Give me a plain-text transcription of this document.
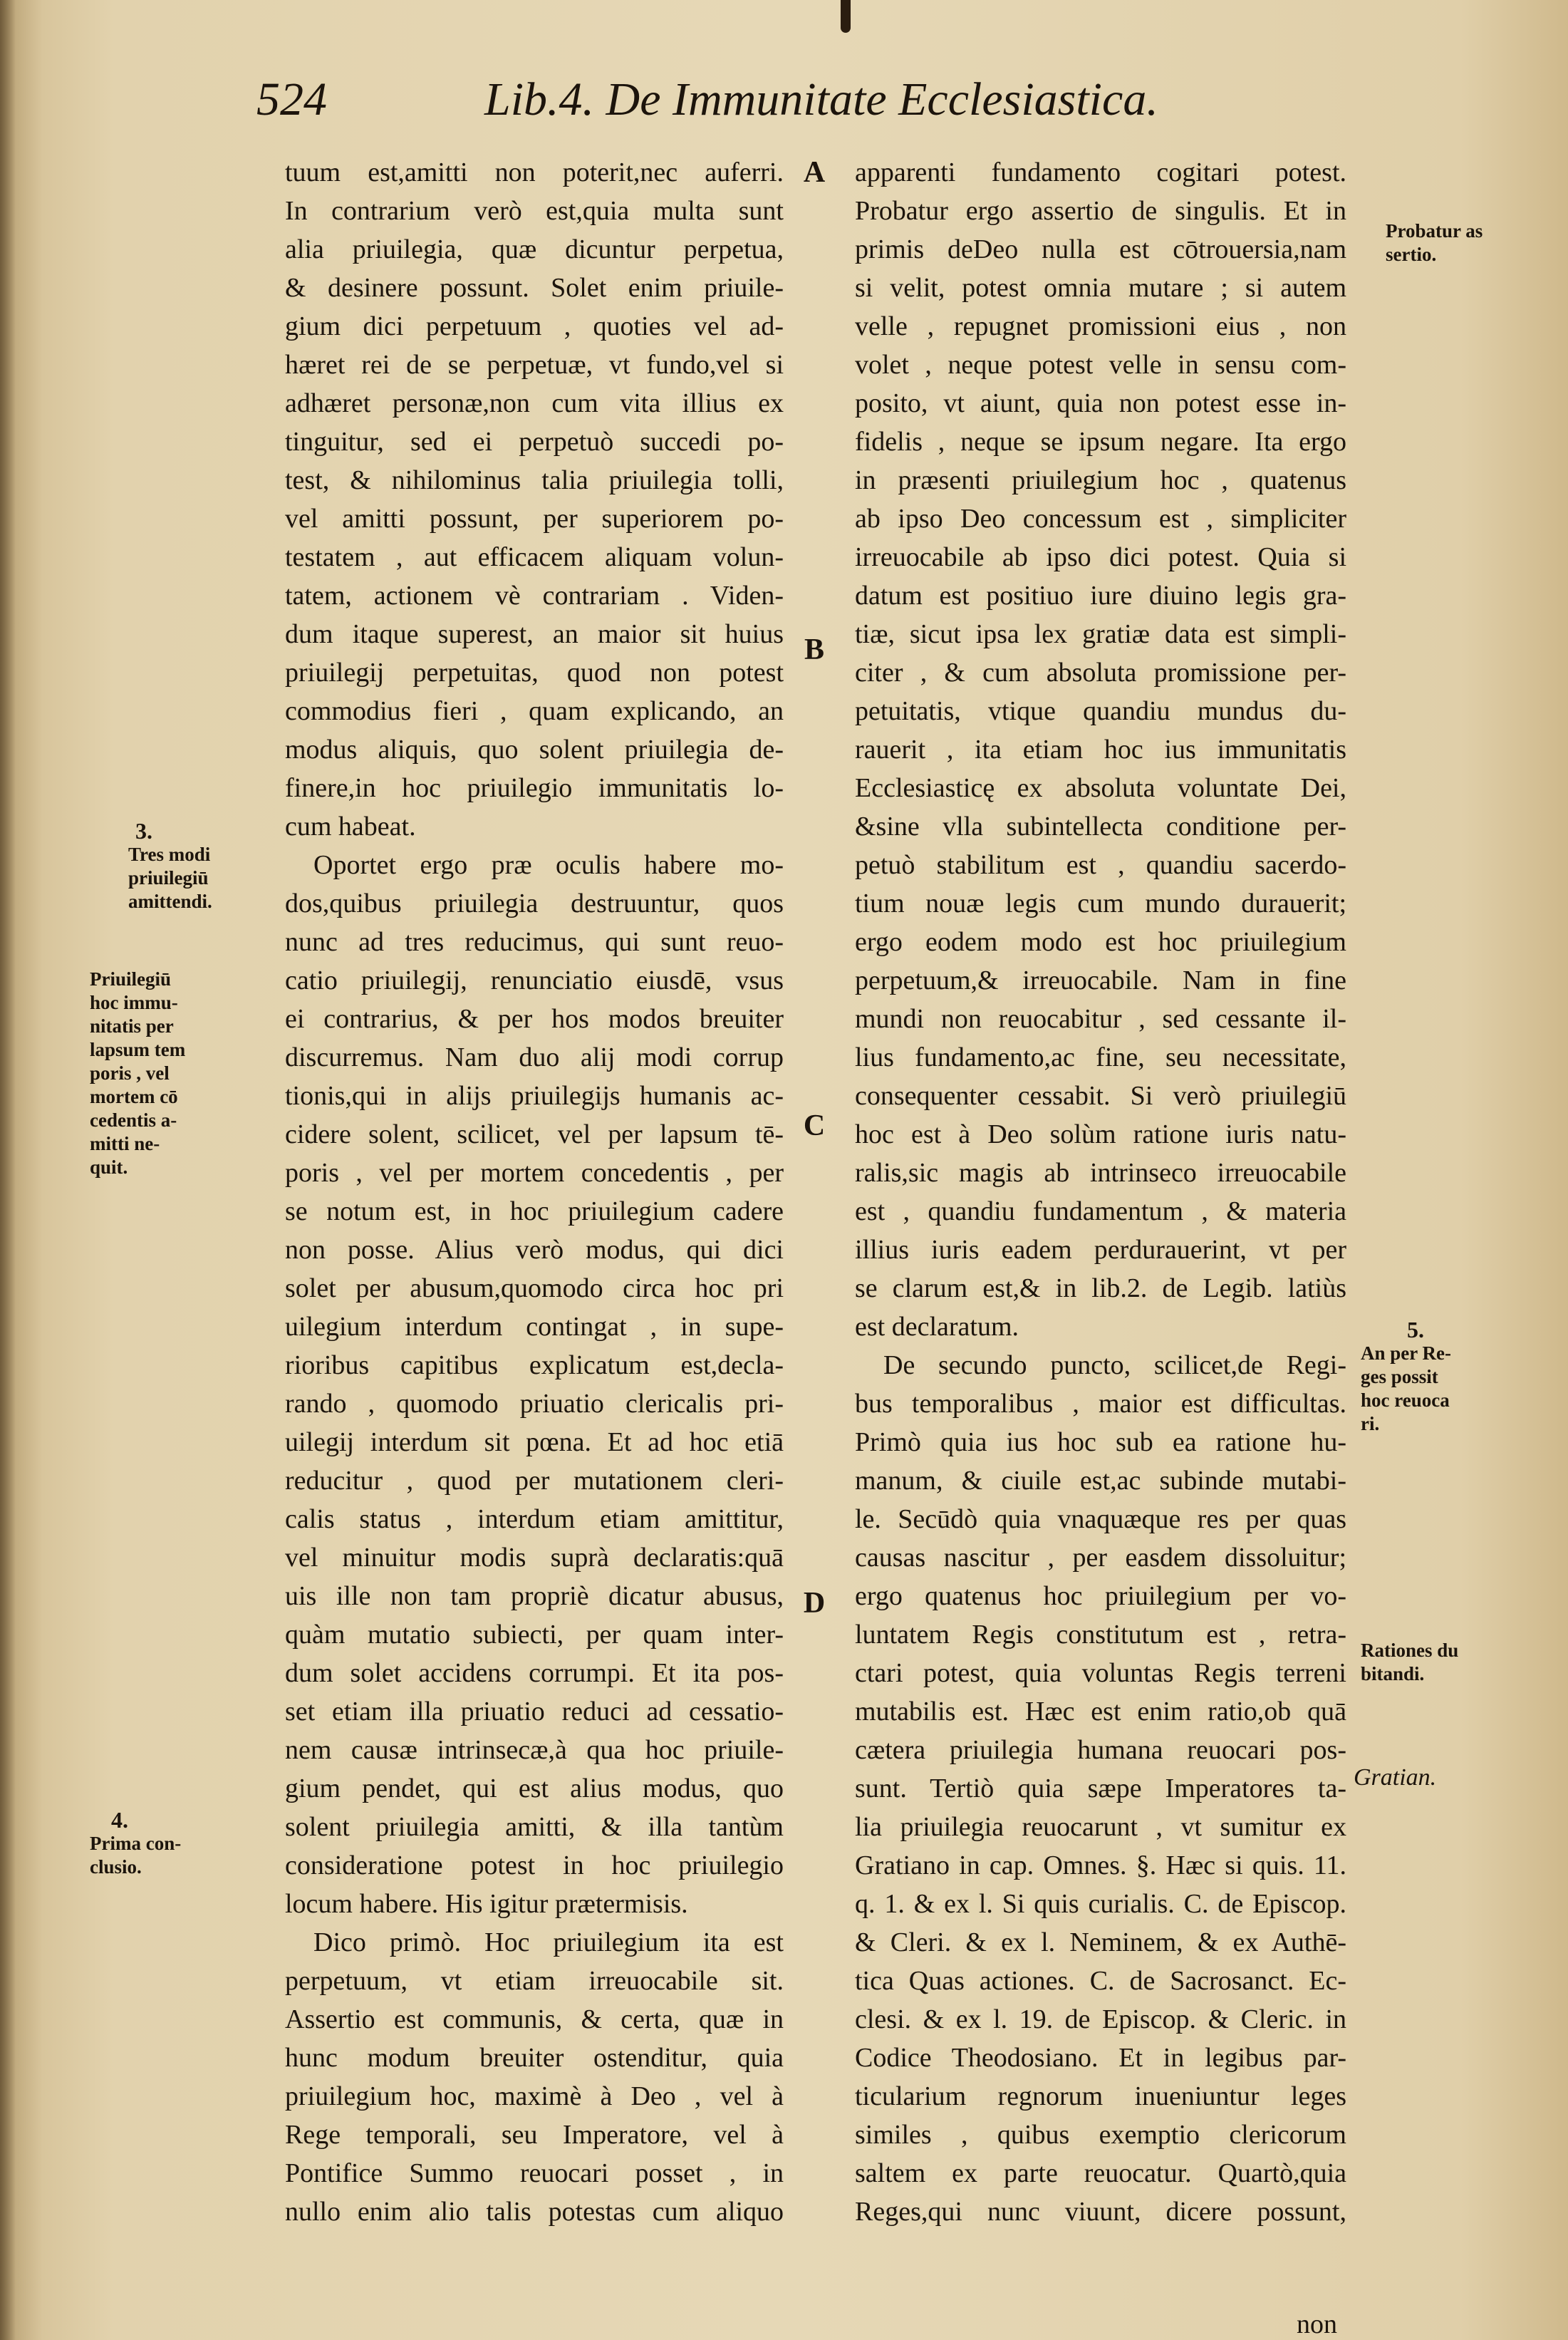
524	Lib.4. De Immunitate Ecclesiastica.
tuum est,amitti non poterit,nec auferri.
In contrarium verò est,quia multa sunt
alia priuilegia, quæ dicuntur perpetua,
& desinere possunt. Solet enim priuile-
gium dici perpetuum , quoties vel ad-
hæret rei de se perpetuæ, vt fundo,vel si
adhæret personæ,non cum vita illius ex
tinguitur, sed ei perpetuò succedi po-
test, & nihilominus talia priuilegia tolli,
vel amitti possunt, per superiorem po-
testatem , aut efficacem aliquam volun-
tatem, actionem vè contrariam . Viden-
dum itaque superest, an maior sit huius
priuilegij perpetuitas, quod non potest
commodius fieri , quam explicando, an
modus aliquis, quo solent priuilegia de-
finere,in hoc priuilegio immunitatis lo-
cum habeat.
Oportet ergo præ oculis habere mo-
dos,quibus priuilegia destruuntur, quos
nunc ad tres reducimus, qui sunt reuo-
catio priuilegij, renunciatio eiusdē, vsus
ei contrarius, & per hos modos breuiter
discurremus. Nam duo alij modi corrup
tionis,qui in alijs priuilegijs humanis ac-
cidere solent, scilicet, vel per lapsum tē-
poris , vel per mortem concedentis , per
se notum est, in hoc priuilegium cadere
non posse. Alius verò modus, qui dici
solet per abusum,quomodo circa hoc pri
uilegium interdum contingat , in supe-
rioribus capitibus explicatum est,decla-
rando , quomodo priuatio clericalis pri-
uilegij interdum sit pœna. Et ad hoc etiā
reducitur , quod per mutationem cleri-
calis status , interdum etiam amittitur,
vel minuitur modis suprà declaratis:quā
uis ille non tam propriè dicatur abusus,
quàm mutatio subiecti, per quam inter-
dum solet accidens corrumpi. Et ita pos-
set etiam illa priuatio reduci ad cessatio-
nem causæ intrinsecæ,à qua hoc priuile-
gium pendet, qui est alius modus, quo
solent priuilegia amitti, & illa tantùm
consideratione potest in hoc priuilegio
locum habere. His igitur prætermisis.
Dico primò. Hoc priuilegium ita est
perpetuum, vt etiam irreuocabile sit.
Assertio est communis, & certa, quæ in
hunc modum breuiter ostenditur, quia
priuilegium hoc, maximè à Deo , vel à
Rege temporali, seu Imperatore, vel à
Pontifice Summo reuocari posset , in
nullo enim alio talis potestas cum aliquo
A
B
C
D
apparenti fundamento cogitari potest.
Probatur ergo assertio de singulis. Et in
primis deDeo nulla est cōtrouersia,nam
si velit, potest omnia mutare ; si autem
velle , repugnet promissioni eius , non
volet , neque potest velle in sensu com-
posito, vt aiunt, quia non potest esse in-
fidelis , neque se ipsum negare. Ita ergo
in præsenti priuilegium hoc , quatenus
ab ipso Deo concessum est , simpliciter
irreuocabile ab ipso dici potest. Quia si
datum est positiuo iure diuino legis gra-
tiæ, sicut ipsa lex gratiæ data est simpli-
citer , & cum absoluta promissione per-
petuitatis, vtique quandiu mundus du-
rauerit , ita etiam hoc ius immunitatis
Ecclesiasticę ex absoluta voluntate Dei,
&sine vlla subintellecta conditione per-
petuò stabilitum est , quandiu sacerdo-
tium nouæ legis cum mundo durauerit;
ergo eodem modo est hoc priuilegium
perpetuum,& irreuocabile. Nam in fine
mundi non reuocabitur , sed cessante il-
lius fundamento,ac fine, seu necessitate,
consequenter cessabit. Si verò priuilegiū
hoc est à Deo solùm ratione iuris natu-
ralis,sic magis ab intrinseco irreuocabile
est , quandiu fundamentum , & materia
illius iuris eadem perdurauerint, vt per
se clarum est,& in lib.2. de Legib. latiùs
est declaratum.
De secundo puncto, scilicet,de Regi-
bus temporalibus , maior est difficultas.
Primò quia ius hoc sub ea ratione hu-
manum, & ciuile est,ac subinde mutabi-
le. Secūdò quia vnaquæque res per quas
causas nascitur , per easdem dissoluitur;
ergo quatenus hoc priuilegium per vo-
luntatem Regis constitutum est , retra-
ctari potest, quia voluntas Regis terreni
mutabilis est. Hæc est enim ratio,ob quā
cætera priuilegia humana reuocari pos-
sunt. Tertiò quia sæpe Imperatores ta-
lia priuilegia reuocarunt , vt sumitur ex
Gratiano in cap. Omnes. §. Hæc si quis. 11.
q. 1. & ex l. Si quis curialis. C. de Episcop.
& Cleri. & ex l. Neminem, & ex Authē-
tica Quas actiones. C. de Sacrosanct. Ec-
clesi. & ex l. 19. de Episcop. & Cleric. in
Codice Theodosiano. Et in legibus par-
ticularium regnorum inueniuntur leges
similes , quibus exemptio clericorum
saltem ex parte reuocatur. Quartò,quia
Reges,qui nunc viuunt, dicere possunt,
non
3.
Tres modi
priuilegiū
amittendi.
Priuilegiū
hoc immu-
nitatis per
lapsum tem
poris , vel
mortem cō
cedentis a-
mitti ne-
quit.
4.
Prima con-
clusio.
Probatur as
sertio.
5.
An per Re-
ges possit
hoc reuoca
ri.
Rationes du
bitandi.
Gratian.
